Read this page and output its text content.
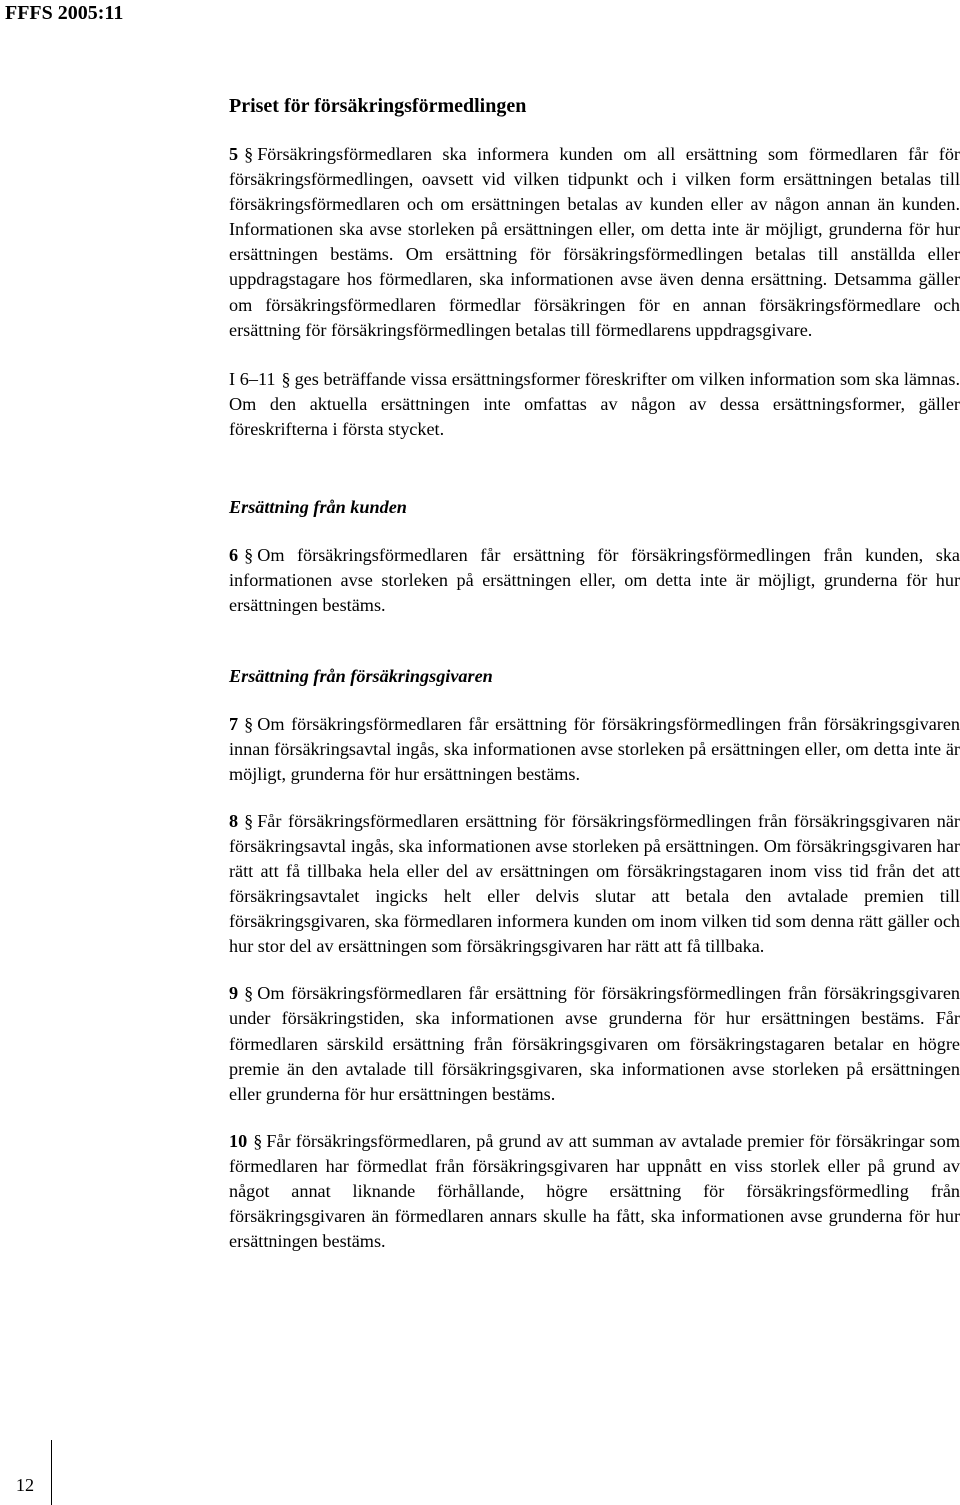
FFFS 2005:11
Priset för försäkringsförmedlingen

5 § Försäkringsförmedlaren ska informera kunden om all ersättning som förmedlaren får för försäkringsförmedlingen, oavsett vid vilken tidpunkt och i vilken form ersättningen betalas till försäkringsförmedlaren och om ersättningen betalas av kunden eller av någon annan än kunden. Informationen ska avse storleken på ersättningen eller, om detta inte är möjligt, grunderna för hur ersättningen bestäms. Om ersättning för försäkringsförmedlingen betalas till anställda eller uppdragstagare hos förmedlaren, ska informationen avse även denna ersättning. Detsamma gäller om försäkringsförmedlaren förmedlar försäkringen för en annan försäkringsförmedlare och ersättning för försäkringsförmedlingen betalas till förmedlarens uppdragsgivare.

I 6–11 § ges beträffande vissa ersättningsformer föreskrifter om vilken information som ska lämnas. Om den aktuella ersättningen inte omfattas av någon av dessa ersättningsformer, gäller föreskrifterna i första stycket.

Ersättning från kunden

6 § Om försäkringsförmedlaren får ersättning för försäkringsförmedlingen från kunden, ska informationen avse storleken på ersättningen eller, om detta inte är möjligt, grunderna för hur ersättningen bestäms.

Ersättning från försäkringsgivaren

7 § Om försäkringsförmedlaren får ersättning för försäkringsförmedlingen från försäkringsgivaren innan försäkringsavtal ingås, ska informationen avse storleken på ersättningen eller, om detta inte är möjligt, grunderna för hur ersättningen bestäms.

8 § Får försäkringsförmedlaren ersättning för försäkringsförmedlingen från försäkringsgivaren när försäkringsavtal ingås, ska informationen avse storleken på ersättningen. Om försäkringsgivaren har rätt att få tillbaka hela eller del av ersättningen om försäkringstagaren inom viss tid från det att försäkringsavtalet ingicks helt eller delvis slutar att betala den avtalade premien till försäkringsgivaren, ska förmedlaren informera kunden om inom vilken tid som denna rätt gäller och hur stor del av ersättningen som försäkringsgivaren har rätt att få tillbaka.

9 § Om försäkringsförmedlaren får ersättning för försäkringsförmedlingen från försäkringsgivaren under försäkringstiden, ska informationen avse grunderna för hur ersättningen bestäms. Får förmedlaren särskild ersättning från försäkringsgivaren om försäkringstagaren betalar en högre premie än den avtalade till försäkringsgivaren, ska informationen avse storleken på ersättningen eller grunderna för hur ersättningen bestäms.

10 § Får försäkringsförmedlaren, på grund av att summan av avtalade premier för försäkringar som förmedlaren har förmedlat från försäkringsgivaren har uppnått en viss storlek eller på grund av något annat liknande förhållande, högre ersättning för försäkringsförmedling från försäkringsgivaren än förmedlaren annars skulle ha fått, ska informationen avse grunderna för hur ersättningen bestäms.

12
